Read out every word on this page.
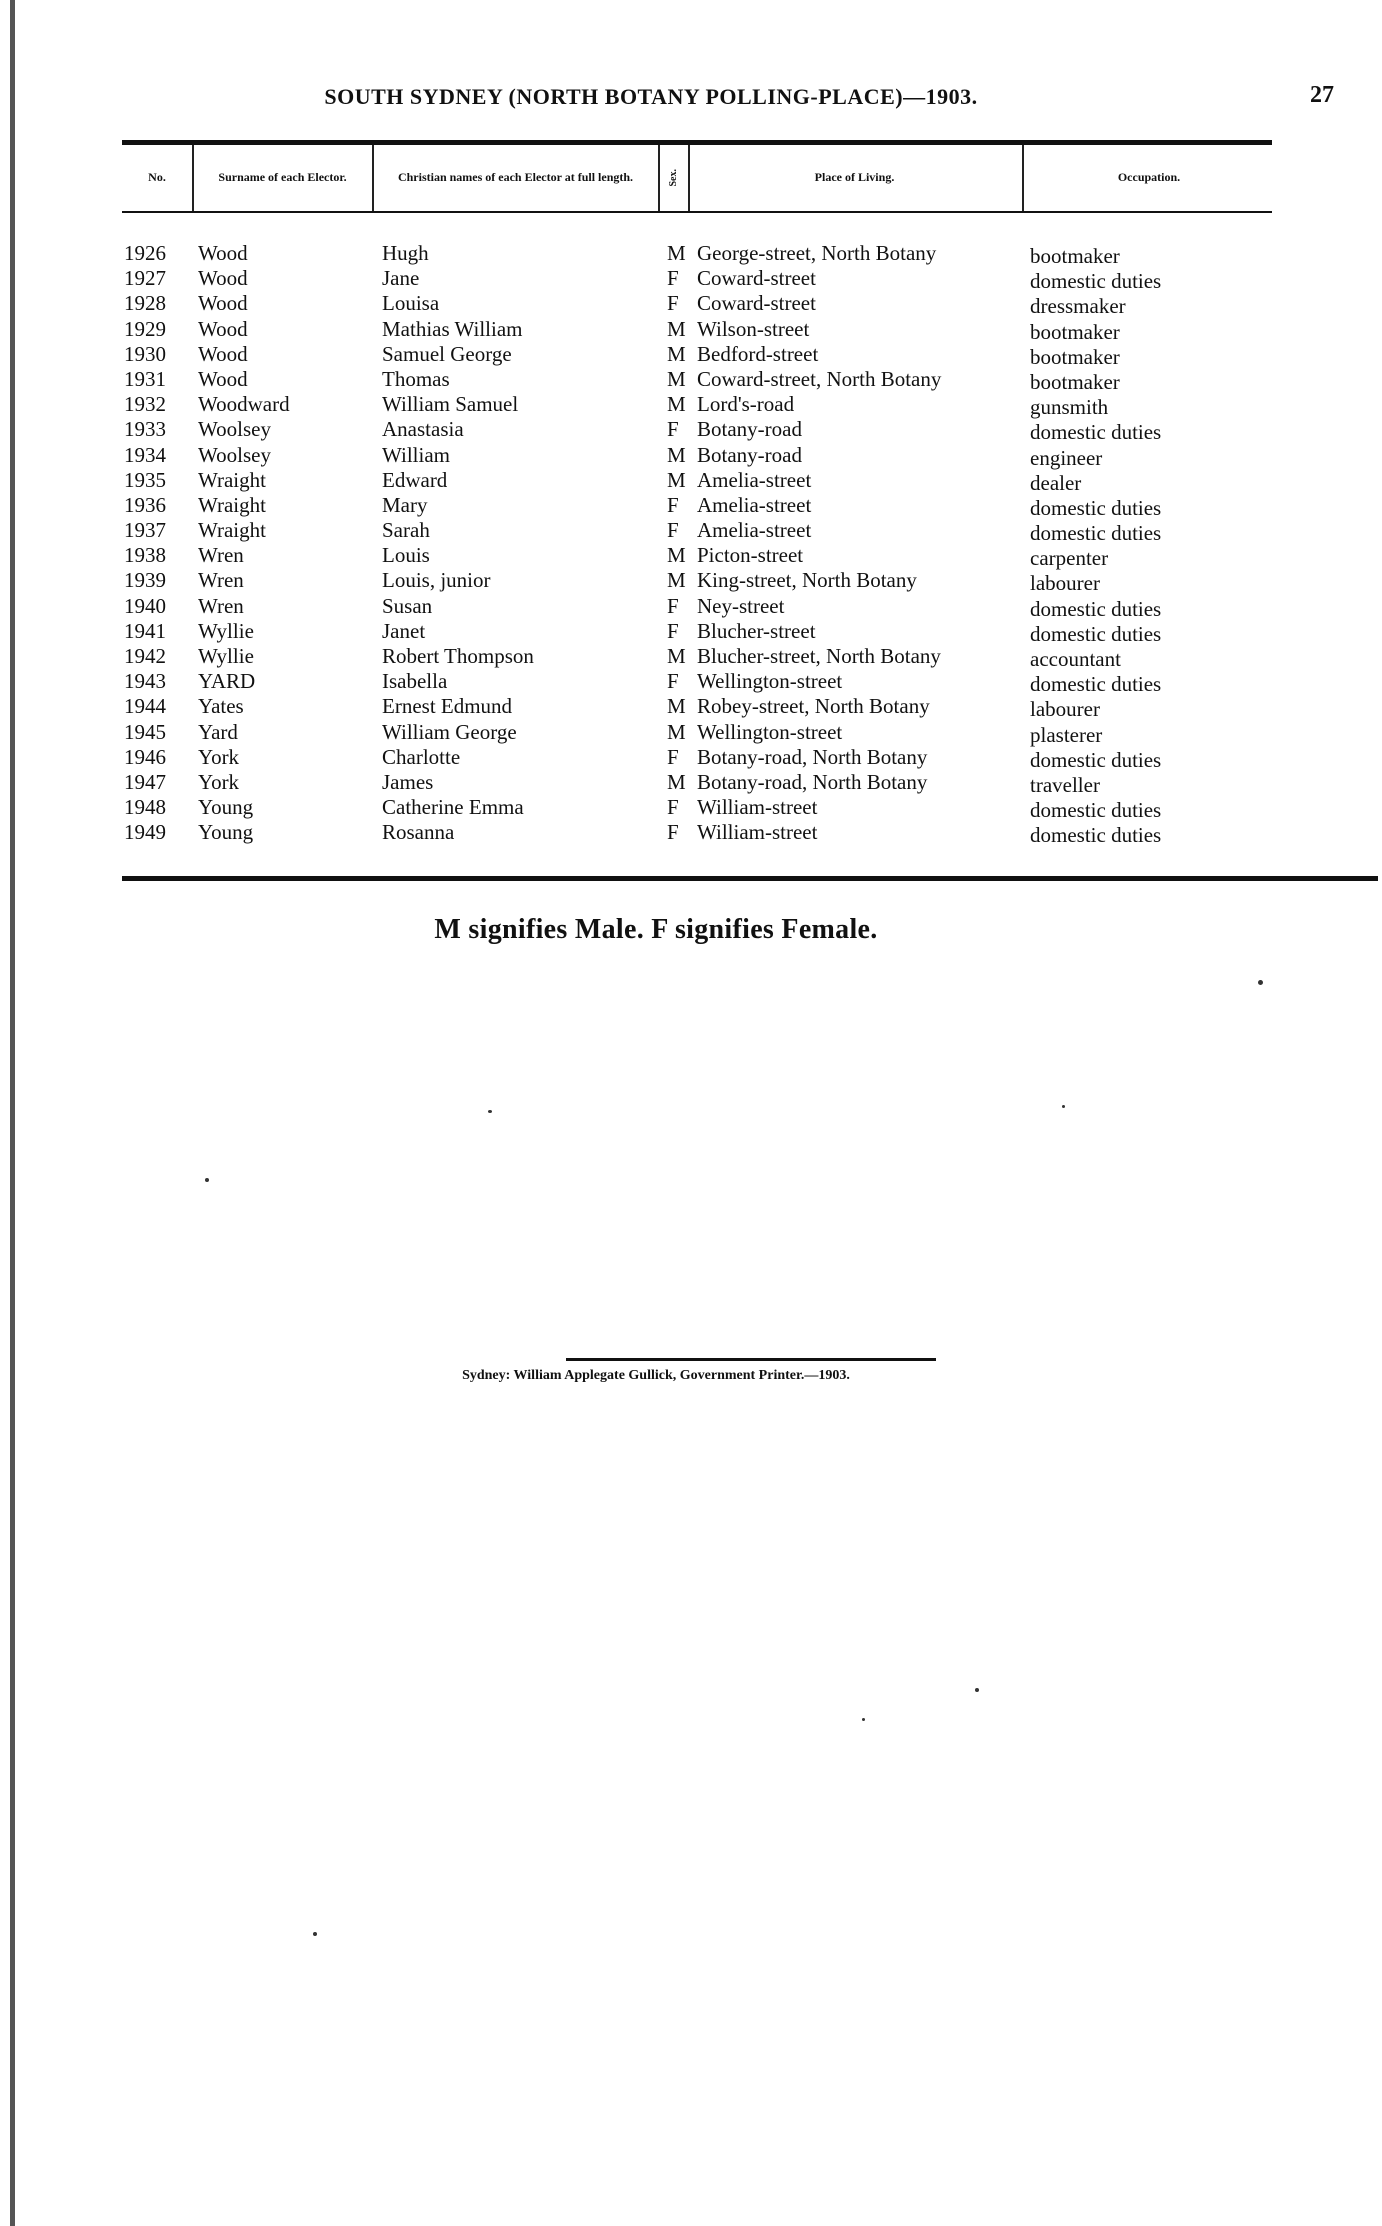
SOUTH SYDNEY (NORTH BOTANY POLLING-PLACE)—1903.	27
No.	Surname of each Elector.	Christian names of each Elector at full length.	Sex.	Place of Living.	Occupation.
1926 Wood	Hugh	M George-street, North Botany	bootmaker
1927 Wood	Jane	F Coward-street	domestic duties
1928 Wood	Louisa	F Coward-street	dressmaker
1929 Wood	Mathias William	M Wilson-street	bootmaker
1930 Wood	Samuel George	M Bedford-street	bootmaker
1931 Wood	Thomas	M Coward-street, North Botany	bootmaker
1932 Woodward	William Samuel	M Lord's-road	gunsmith
1933 Woolsey	Anastasia	F Botany-road	domestic duties
1934 Woolsey	William	M Botany-road	engineer
1935 Wraight	Edward	M Amelia-street	dealer
1936 Wraight	Mary	F Amelia-street	domestic duties
1937 Wraight	Sarah	F Amelia-street	domestic duties
1938 Wren	Louis	M Picton-street	carpenter
1939 Wren	Louis, junior	M King-street, North Botany	labourer
1940 Wren	Susan	F Ney-street	domestic duties
1941 Wyllie	Janet	F Blucher-street	domestic duties
1942 Wyllie	Robert Thompson	M Blucher-street, North Botany	accountant
1943 YARD	Isabella	F Wellington-street	domestic duties
1944 Yates	Ernest Edmund	M Robey-street, North Botany	labourer
1945 Yard	William George	M Wellington-street	plasterer
1946 York	Charlotte	F Botany-road, North Botany	domestic duties
1947 York	James	M Botany-road, North Botany	traveller
1948 Young	Catherine Emma	F William-street	domestic duties
1949 Young	Rosanna	F William-street	domestic duties
M signifies Male. F signifies Female.
Sydney: William Applegate Gullick, Government Printer.—1903.
